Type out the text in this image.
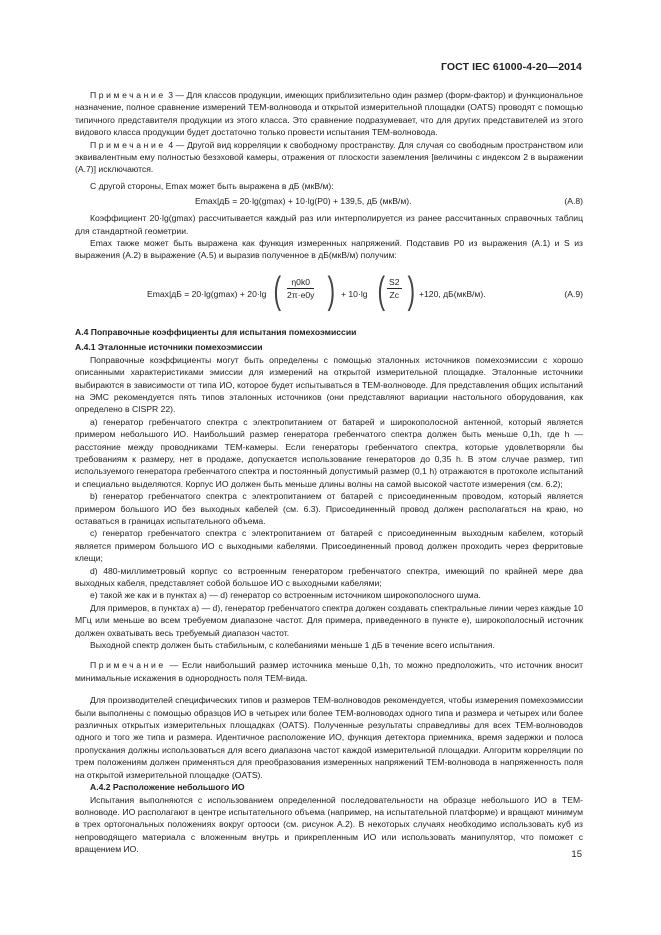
ГОСТ IEC 61000-4-20—2014

Примечание 3 — Для классов продукции, имеющих приблизительно один размер (форм-фактор) и функциональное назначение, полное сравнение измерений ТЕМ-волновода и открытой измерительной площадки (OATS) проводят с помощью типичного представителя продукции из этого класса. Это сравнение подразумевает, что для других представителей из этого видового класса продукции будет достаточно только провести испытания ТЕМ-волновода.

Примечание 4 — Другой вид корреляции к свободному пространству. Для случая со свободным пространством или эквивалентным ему полностью безэховой камеры, отражения от плоскости заземления [величины с индексом 2 в выражении (А.7)] исключаются.

С другой стороны, Emax может быть выражена в дБ (мкВ/м):

Emax|дБ = 20·lg(gmax) + 10·lg(P0) + 139,5, дБ (мкВ/м).	(А.8)

Коэффициент 20·lg(gmax) рассчитывается каждый раз или интерполируется из ранее рассчитанных справочных таблиц для стандартной геометрии.

Emax также может быть выражена как функция измеренных напряжений. Подставив P0 из выражения (А.1) и S из выражения (А.2) в выражение (А.5) и выразив полученное в дБ(мкВ/м) получим:

Emax|дБ = 20·lg(gmax) + 20·lg ( $\frac{\eta 0k0}{2\pi\cdot e0y}$ ) + 10·lg ( $\frac{S2}{Zc}$ ) +120, дБ(мкВ/м).	(А.9)

А.4 Поправочные коэффициенты для испытания помехоэмиссии

А.4.1 Эталонные источники помехоэмиссии

Поправочные коэффициенты могут быть определены с помощью эталонных источников помехоэмиссии с хорошо описанными характеристиками эмиссии для измерений на открытой измерительной площадке. Эталонные источники выбираются в зависимости от типа ИО, которое будет испытываться в ТЕМ-волноводе. Для представления общих испытаний на ЭМС рекомендуется пять типов эталонных источников (они представляют вариации настольного оборудования, как определено в CISPR 22).

a) генератор гребенчатого спектра с электропитанием от батарей и широкополосной антенной, который является примером небольшого ИО. Наибольший размер генератора гребенчатого спектра должен быть меньше 0,1h, где h — расстояние между проводниками ТЕМ-камеры. Если генераторы гребенчатого спектра, которые удовлетворяли бы требованиям к размеру, нет в продаже, допускается использование генераторов до 0,35 h. В этом случае размер, тип используемого генератора гребенчатого спектра и постоянный допустимый размер (0,1 h) отражаются в протоколе испытаний и специально выделяются. Корпус ИО должен быть меньше длины волны на самой высокой частоте измерения (см. 6.2);

b) генератор гребенчатого спектра с электропитанием от батарей с присоединенным проводом, который является примером большого ИО без выходных кабелей (см. 6.3). Присоединенный провод должен располагаться на краю, но оставаться в границах испытательного объема.

c) генератор гребенчатого спектра с электропитанием от батарей с присоединенным выходным кабелем, который является примером большого ИО с выходными кабелями. Присоединенный провод должен проходить через ферритовые клещи;

d) 480-миллиметровый корпус со встроенным генератором гребенчатого спектра, имеющий по крайней мере два выходных кабеля, представляет собой большое ИО с выходными кабелями;

e) такой же как и в пунктах a) — d) генератор со встроенным источником широкополосного шума.

Для примеров, в пунктах a) — d), генератор гребенчатого спектра должен создавать спектральные линии через каждые 10 МГц или меньше во всем требуемом диапазоне частот. Для примера, приведенного в пункте e), широкополосный источник должен охватывать весь требуемый диапазон частот.

Выходной спектр должен быть стабильным, с колебаниями меньше 1 дБ в течение всего испытания.

Примечание — Если наибольший размер источника меньше 0,1h, то можно предположить, что источник вносит минимальные искажения в однородность поля ТЕМ-вида.

Для производителей специфических типов и размеров ТЕМ-волноводов рекомендуется, чтобы измерения помехоэмиссии были выполнены с помощью образцов ИО в четырех или более ТЕМ-волноводах одного типа и размера и четырех или более различных открытых измерительных площадках (OATS). Полученные результаты справедливы для всех ТЕМ-волноводов одного и того же типа и размера. Идентичное расположение ИО, функция детектора приемника, время задержки и полоса пропускания должны использоваться для всего диапазона частот каждой измерительной площадки. Алгоритм корреляции по трем положениям должен применяться для преобразования измеренных напряжений ТЕМ-волновода в напряженность поля на открытой измерительной площадке (OATS).

А.4.2 Расположение небольшого ИО

Испытания выполняются с использованием определенной последовательности на образце небольшого ИО в ТЕМ-волноводе. ИО располагают в центре испытательного объема (например, на испытательной платформе) и вращают минимум в трех ортогональных положениях вокруг ортооси (см. рисунок А.2). В некоторых случаях необходимо использовать куб из непроводящего материала с вложенным внутрь и прикрепленным ИО или использовать манипулятор, что поможет с вращением ИО.	15
